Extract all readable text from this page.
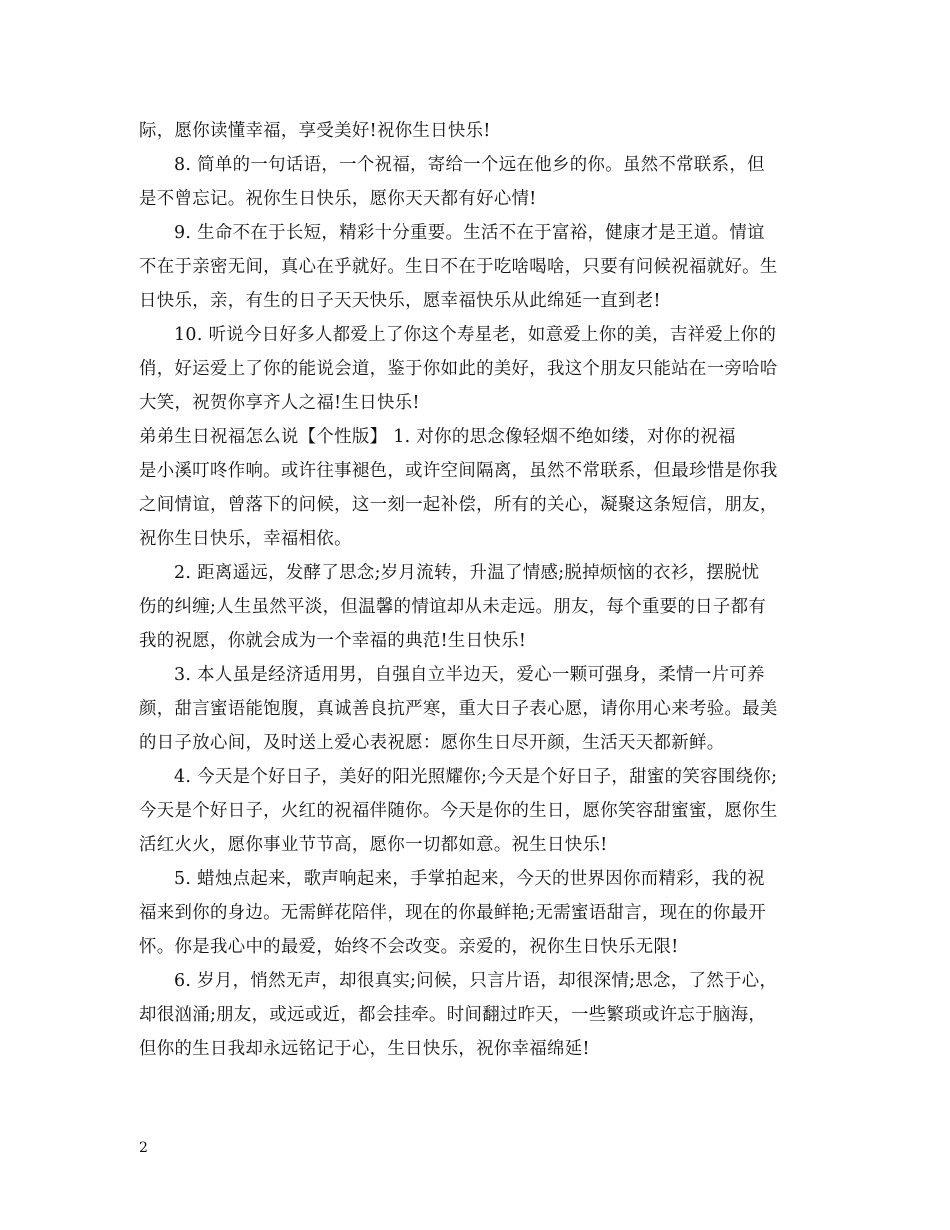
际，愿你读懂幸福，享受美好!祝你生日快乐!
8. 简单的一句话语，一个祝福，寄给一个远在他乡的你。虽然不常联系，但
是不曾忘记。祝你生日快乐，愿你天天都有好心情!
9. 生命不在于长短，精彩十分重要。生活不在于富裕，健康才是王道。情谊
不在于亲密无间，真心在乎就好。生日不在于吃啥喝啥，只要有问候祝福就好。生
日快乐，亲，有生的日子天天快乐，愿幸福快乐从此绵延一直到老!
10. 听说今日好多人都爱上了你这个寿星老，如意爱上你的美，吉祥爱上你的
俏，好运爱上了你的能说会道，鉴于你如此的美好，我这个朋友只能站在一旁哈哈
大笑，祝贺你享齐人之福!生日快乐!
弟弟生日祝福怎么说【个性版】 1. 对你的思念像轻烟不绝如缕，对你的祝福
是小溪叮咚作响。或许往事褪色，或许空间隔离，虽然不常联系，但最珍惜是你我
之间情谊，曾落下的问候，这一刻一起补偿，所有的关心，凝聚这条短信，朋友，
祝你生日快乐，幸福相依。
2. 距离遥远，发酵了思念;岁月流转，升温了情感;脱掉烦恼的衣衫，摆脱忧
伤的纠缠;人生虽然平淡，但温馨的情谊却从未走远。朋友，每个重要的日子都有
我的祝愿，你就会成为一个幸福的典范!生日快乐!
3. 本人虽是经济适用男，自强自立半边天，爱心一颗可强身，柔情一片可养
颜，甜言蜜语能饱腹，真诚善良抗严寒，重大日子表心愿，请你用心来考验。最美
的日子放心间，及时送上爱心表祝愿：愿你生日尽开颜，生活天天都新鲜。
4. 今天是个好日子，美好的阳光照耀你;今天是个好日子，甜蜜的笑容围绕你;
今天是个好日子，火红的祝福伴随你。今天是你的生日，愿你笑容甜蜜蜜，愿你生
活红火火，愿你事业节节高，愿你一切都如意。祝生日快乐!
5. 蜡烛点起来，歌声响起来，手掌拍起来，今天的世界因你而精彩，我的祝
福来到你的身边。无需鲜花陪伴，现在的你最鲜艳;无需蜜语甜言，现在的你最开
怀。你是我心中的最爱，始终不会改变。亲爱的，祝你生日快乐无限!
6. 岁月，悄然无声，却很真实;问候，只言片语，却很深情;思念，了然于心，
却很汹涌;朋友，或远或近，都会挂牵。时间翻过昨天，一些繁琐或许忘于脑海，
但你的生日我却永远铭记于心，生日快乐，祝你幸福绵延!
2
